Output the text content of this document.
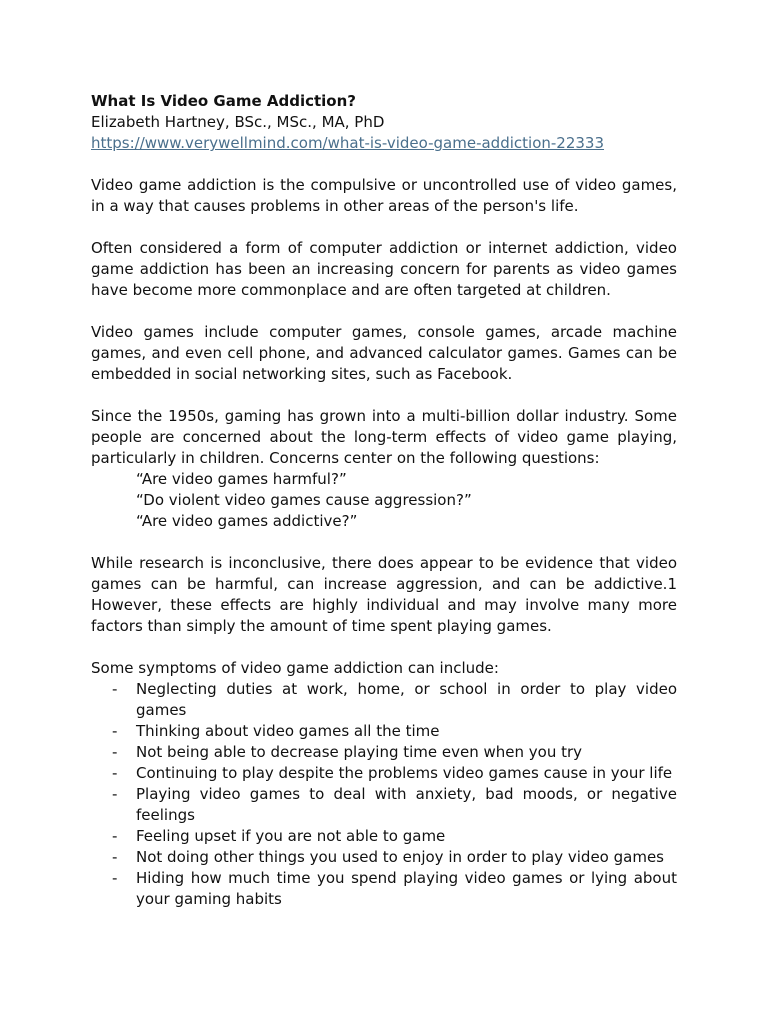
What Is Video Game Addiction?
Elizabeth Hartney, BSc., MSc., MA, PhD
https://www.verywellmind.com/what-is-video-game-addiction-22333

Video game addiction is the compulsive or uncontrolled use of video games, in a way that causes problems in other areas of the person's life.

Often considered a form of computer addiction or internet addiction, video game addiction has been an increasing concern for parents as video games have become more commonplace and are often targeted at children.

Video games include computer games, console games, arcade machine games, and even cell phone, and advanced calculator games. Games can be embedded in social networking sites, such as Facebook.

Since the 1950s, gaming has grown into a multi-billion dollar industry. Some people are concerned about the long-term effects of video game playing, particularly in children. Concerns center on the following questions:

“Are video games harmful?”
“Do violent video games cause aggression?”
“Are video games addictive?”

While research is inconclusive, there does appear to be evidence that video games can be harmful, can increase aggression, and can be addictive.1 However, these effects are highly individual and may involve many more factors than simply the amount of time spent playing games.

Some symptoms of video game addiction can include:

- Neglecting duties at work, home, or school in order to play video games
- Thinking about video games all the time
- Not being able to decrease playing time even when you try
- Continuing to play despite the problems video games cause in your life
- Playing video games to deal with anxiety, bad moods, or negative feelings
- Feeling upset if you are not able to game
- Not doing other things you used to enjoy in order to play video games
- Hiding how much time you spend playing video games or lying about your gaming habits
